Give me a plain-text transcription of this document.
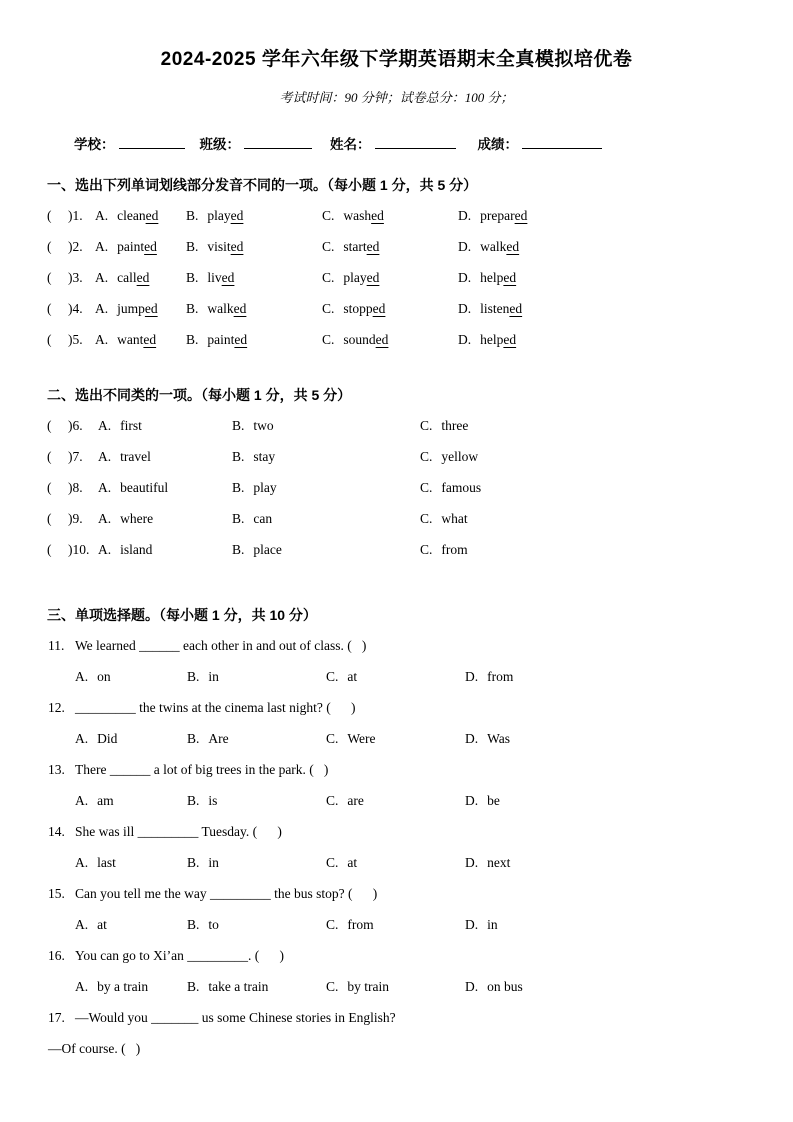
2024-2025 学年六年级下学期英语期末全真模拟培优卷
考试时间：90 分钟；试卷总分：100 分；
学校：	班级：	姓名：	成绩：
一、选出下列单词划线部分发音不同的一项。（每小题 1 分，共 5 分）
( )1. A. cleaned B. played	C. washed	D. prepared
( )2. A. painted B. visited	C. started	D. walked
( )3. A. called	B. lived	C. played	D. helped
( )4. A. jumped B. walked	C. stopped	D. listened
( )5. A. wanted B. painted	C. sounded	D. helped
二、选出不同类的一项。（每小题 1 分，共 5 分）
( )6. A. first	B. two	C. three
( )7. A. travel	B. stay	C. yellow
( )8. A. beautiful	B. play	C. famous
( )9. A. where	B. can	C. what
( )10. A. island	B. place	C. from
三、单项选择题。（每小题 1 分，共 10 分）
11. We learned ______ each other in and out of class. (   )
A. on	B. in	C. at	D. from
12. _________ the twins at the cinema last night? (      )
A. Did	B. Are	C. Were	D. Was
13. There ______ a lot of big trees in the park. (   )
A. am	B. is	C. are	D. be
14. She was ill _________ Tuesday. (      )
A. last	B. in	C. at	D. next
15. Can you tell me the way _________ the bus stop? (      )
A. at	B. to	C. from	D. in
16. You can go to Xi’an _________. (      )
A. by a train	B. take a train	C. by train	D. on bus
17. —Would you _______ us some Chinese stories in English?
—Of course. (   )
